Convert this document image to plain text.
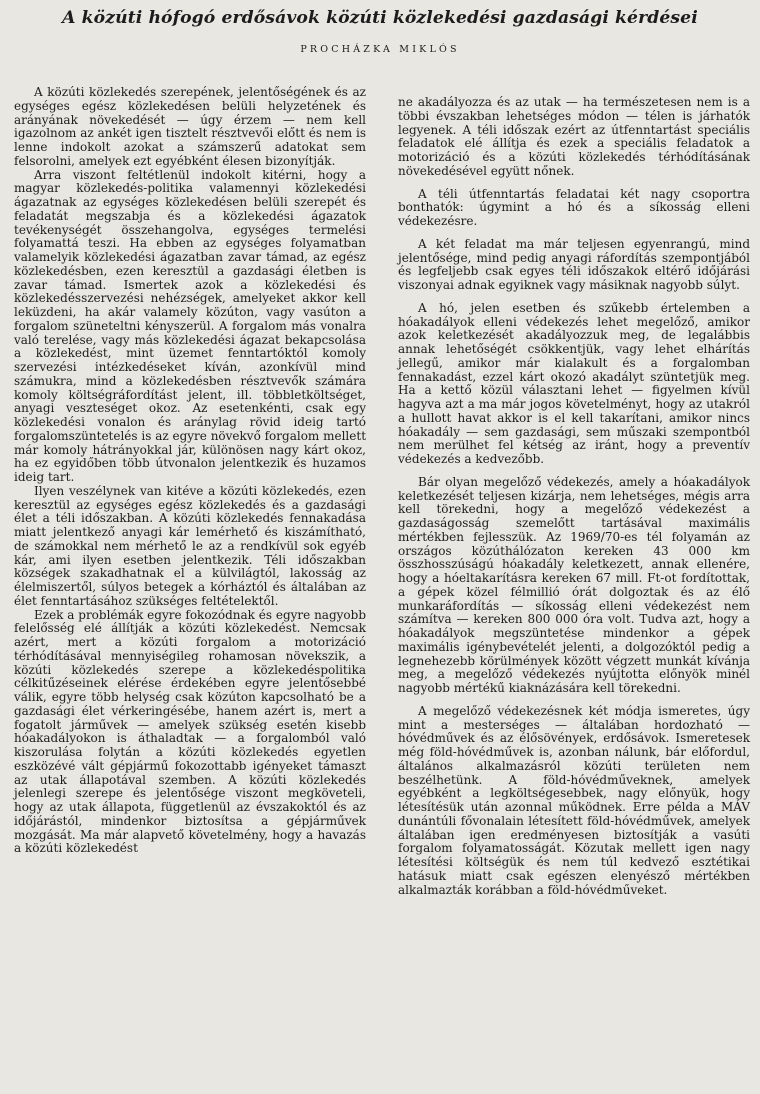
A közúti hófogó erdősávok közúti közlekedési gazdasági kérdései
PROCHÁZKA MIKLÓS

A közúti közlekedés szerepének, jelentőségének és az egységes egész közlekedésen belüli helyzetének és arányának növekedését — úgy érzem — nem kell igazolnom az ankét igen tisztelt résztvevői előtt és nem is lenne indokolt azokat a számszerű adatokat sem felsorolni, amelyek ezt egyébként élesen bizonyítják.

Arra viszont feltétlenül indokolt kitérni, hogy a magyar közlekedés-politika valamennyi közlekedési ágazatnak az egységes közlekedésen belüli szerepét és feladatát megszabja és a közlekedési ágazatok tevékenységét összehangolva, egységes termelési folyamattá teszi. Ha ebben az egységes folyamatban valamelyik közlekedési ágazatban zavar támad, az egész közlekedésben, ezen keresztül a gazdasági életben is zavar támad. Ismertek azok a közlekedési és közlekedésszervezési nehézségek, amelyeket akkor kell leküzdeni, ha akár valamely közúton, vagy vasúton a forgalom szüneteltni kényszerül. A forgalom más vonalra való terelése, vagy más közlekedési ágazat bekapcsolása a közlekedést, mint üzemet fenntartóktól komoly szervezési intézkedéseket kíván, azonkívül mind számukra, mind a közlekedésben résztvevők számára komoly költségráfordítást jelent, ill. többletköltséget, anyagi veszteséget okoz. Az esetenkénti, csak egy közlekedési vonalon és aránylag rövid ideig tartó forgalomszüntetelés is az egyre növekvő forgalom mellett már komoly hátrányokkal jár, különösen nagy kárt okoz, ha ez egyidőben több útvonalon jelentkezik és huzamos ideig tart.

Ilyen veszélynek van kitéve a közúti közlekedés, ezen keresztül az egységes egész közlekedés és a gazdasági élet a téli időszakban. A közúti közlekedés fennakadása miatt jelentkező anyagi kár lemérhető és kiszámítható, de számokkal nem mérhető le az a rendkívül sok egyéb kár, ami ilyen esetben jelentkezik. Téli időszakban községek szakadhatnak el a külvilágtól, lakosság az élelmiszertől, súlyos betegek a kórháztól és általában az élet fenntartásához szükséges feltételektől.

Ezek a problémák egyre fokozódnak és egyre nagyobb felelősség elé állítják a közúti közlekedést. Nemcsak azért, mert a közúti forgalom a motorizáció térhódításával mennyiségileg rohamosan növekszik, a közúti közlekedés szerepe a közlekedéspolitika célkitűzéseinek elérése érdekében egyre jelentősebbé válik, egyre több helység csak közúton kapcsolható be a gazdasági élet vérkeringésébe, hanem azért is, mert a fogatolt járművek — amelyek szükség esetén kisebb hóakadályokon is áthaladtak — a forgalomból való kiszorulása folytán a közúti közlekedés egyetlen eszközévé vált gépjármű fokozottabb igényeket támaszt az utak állapotával szemben. A közúti közlekedés jelenlegi szerepe és jelentősége viszont megköveteli, hogy az utak állapota, függetlenül az évszakoktól és az időjárástól, mindenkor biztosítsa a gépjárművek mozgását. Ma már alapvető követelmény, hogy a havazás a közúti közlekedést

ne akadályozza és az utak — ha természetesen nem is a többi évszakban lehetséges módon — télen is járhatók legyenek. A téli időszak ezért az útfenntartást speciális feladatok elé állítja és ezek a speciális feladatok a motorizáció és a közúti közlekedés térhódításának növekedésével együtt nőnek.

A téli útfenntartás feladatai két nagy csoportra bonthatók: úgymint a hó és a síkosság elleni védekezésre.

A két feladat ma már teljesen egyenrangú, mind jelentősége, mind pedig anyagi ráfordítás szempontjából és legfeljebb csak egyes téli időszakok eltérő időjárási viszonyai adnak egyiknek vagy másiknak nagyobb súlyt.

A hó, jelen esetben és szűkebb értelemben a hóakadályok elleni védekezés lehet megelőző, amikor azok keletkezését akadályozzuk meg, de legalábbis annak lehetőségét csökkentjük, vagy lehet elhárítás jellegű, amikor már kialakult és a forgalomban fennakadást, ezzel kárt okozó akadályt szüntetjük meg. Ha a kettő közül választani lehet — figyelmen kívül hagyva azt a ma már jogos követelményt, hogy az utakról a hullott havat akkor is el kell takarítani, amikor nincs hóakadály — sem gazdasági, sem műszaki szempontból nem merülhet fel kétség az iránt, hogy a preventív védekezés a kedvezőbb.

Bár olyan megelőző védekezés, amely a hóakadályok keletkezését teljesen kizárja, nem lehetséges, mégis arra kell törekedni, hogy a megelőző védekezést a gazdaságosság szemelőtt tartásával maximális mértékben fejlesszük. Az 1969/70-es tél folyamán az országos közúthálózaton kereken 43 000 km összhosszúságú hóakadály keletkezett, annak ellenére, hogy a hóeltakarításra kereken 67 mill. Ft-ot fordítottak, a gépek közel félmillió órát dolgoztak és az élő munkaráfordítás — síkosság elleni védekezést nem számítva — kereken 800 000 óra volt. Tudva azt, hogy a hóakadályok megszüntetése mindenkor a gépek maximális igénybevételét jelenti, a dolgozóktól pedig a legnehezebb körülmények között végzett munkát kívánja meg, a megelőző védekezés nyújtotta előnyök minél nagyobb mértékű kiaknázására kell törekedni.

A megelőző védekezésnek két módja ismeretes, úgy mint a mesterséges — általában hordozható — hóvédművek és az élősövények, erdősávok. Ismeretesek még föld-hóvédművek is, azonban nálunk, bár előfordul, általános alkalmazásról közúti területen nem beszélhetünk. A föld-hóvédműveknek, amelyek egyébként a legköltségesebbek, nagy előnyük, hogy létesítésük után azonnal működnek. Erre példa a MÁV dunántúli fővonalain létesített föld-hóvédművek, amelyek általában igen eredményesen biztosítják a vasúti forgalom folyamatosságát. Közutak mellett igen nagy létesítési költségük és nem túl kedvező esztétikai hatásuk miatt csak egészen elenyésző mértékben alkalmazták korábban a föld-hóvédműveket.
